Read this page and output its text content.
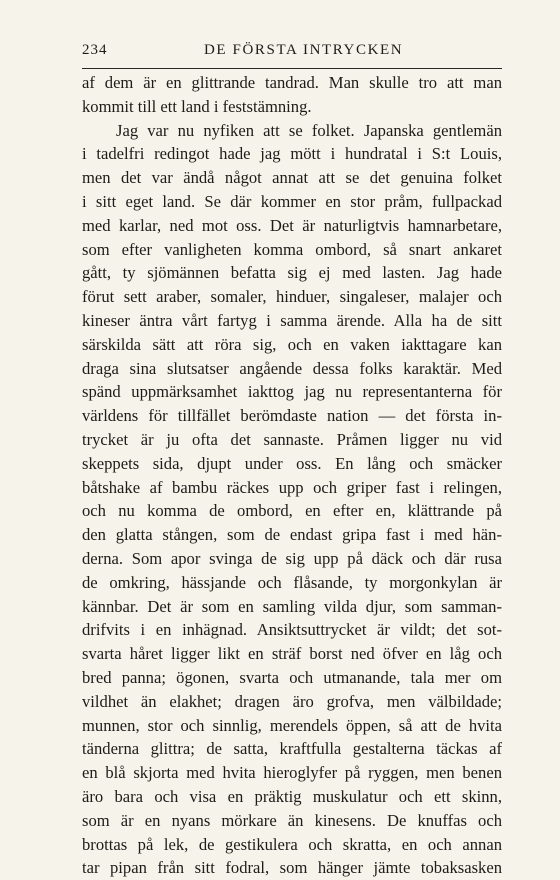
234	DE FÖRSTA INTRYCKEN
af dem är en glittrande tandrad. Man skulle tro att man
kommit till ett land i feststämning.
Jag var nu nyfiken att se folket. Japanska gentlemän
i tadelfri redingot hade jag mött i hundratal i S:t Louis,
men det var ändå något annat att se det genuina folket
i sitt eget land. Se där kommer en stor pråm, fullpackad
med karlar, ned mot oss. Det är naturligtvis hamnarbetare,
som efter vanligheten komma ombord, så snart ankaret
gått, ty sjömännen befatta sig ej med lasten. Jag hade
förut sett araber, somaler, hinduer, singaleser, malajer och
kineser äntra vårt fartyg i samma ärende. Alla ha de sitt
särskilda sätt att röra sig, och en vaken iakttagare kan
draga sina slutsatser angående dessa folks karaktär. Med
spänd uppmärksamhet iakttog jag nu representanterna för
världens för tillfället berömdaste nation — det första in-
trycket är ju ofta det sannaste. Pråmen ligger nu vid
skeppets sida, djupt under oss. En lång och smäcker
båtshake af bambu räckes upp och griper fast i relingen,
och nu komma de ombord, en efter en, klättrande på
den glatta stången, som de endast gripa fast i med hän-
derna. Som apor svinga de sig upp på däck och där rusa
de omkring, hässjande och flåsande, ty morgonkylan är
kännbar. Det är som en samling vilda djur, som samman-
drifvits i en inhägnad. Ansiktsuttrycket är vildt; det sot-
svarta håret ligger likt en sträf borst ned öfver en låg och
bred panna; ögonen, svarta och utmanande, tala mer om
vildhet än elakhet; dragen äro grofva, men välbildade;
munnen, stor och sinnlig, merendels öppen, så att de hvita
tänderna glittra; de satta, kraftfulla gestalterna täckas af
en blå skjorta med hvita hieroglyfer på ryggen, men benen
äro bara och visa en präktig muskulatur och ett skinn,
som är en nyans mörkare än kinesens. De knuffas och
brottas på lek, de gestikulera och skratta, en och annan
tar pipan från sitt fodral, som hänger jämte tobaksasken
